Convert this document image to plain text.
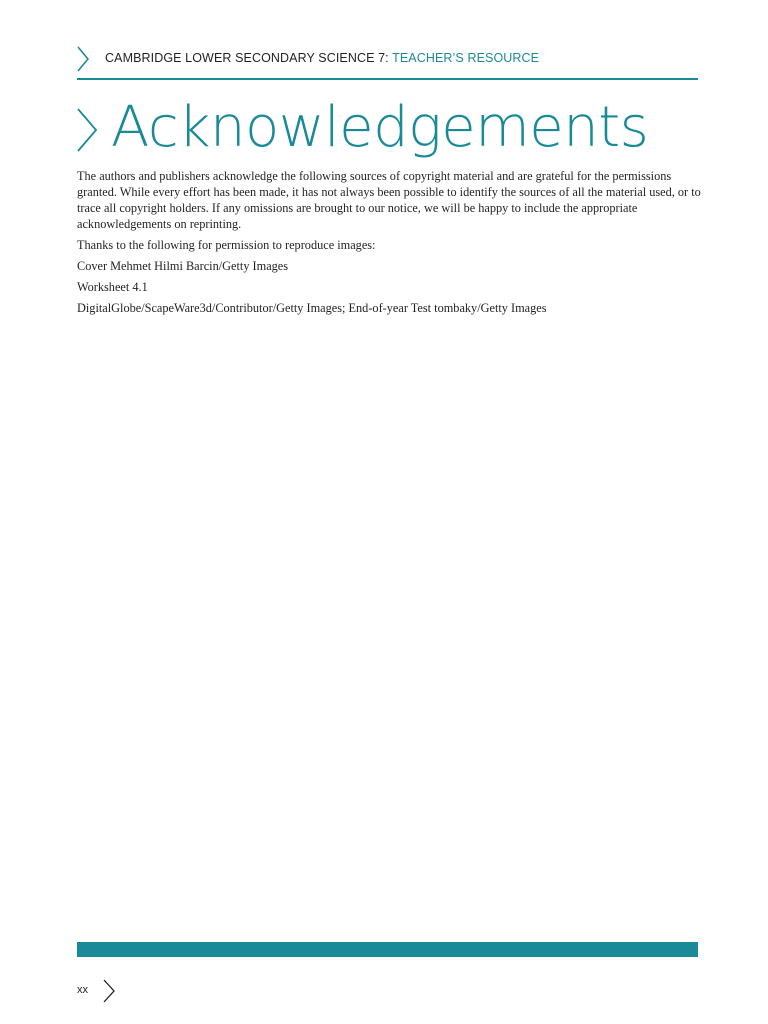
CAMBRIDGE LOWER SECONDARY SCIENCE 7: TEACHER’S RESOURCE
Acknowledgements

The authors and publishers acknowledge the following sources of copyright material and are grateful for the permissions granted. While every effort has been made, it has not always been possible to identify the sources of all the material used, or to trace all copyright holders. If any omissions are brought to our notice, we will be happy to include the appropriate acknowledgements on reprinting.

Thanks to the following for permission to reproduce images:

Cover Mehmet Hilmi Barcin/Getty Images

Worksheet 4.1

DigitalGlobe/ScapeWare3d/Contributor/Getty Images; End-of-year Test tombaky/Getty Images

xx
